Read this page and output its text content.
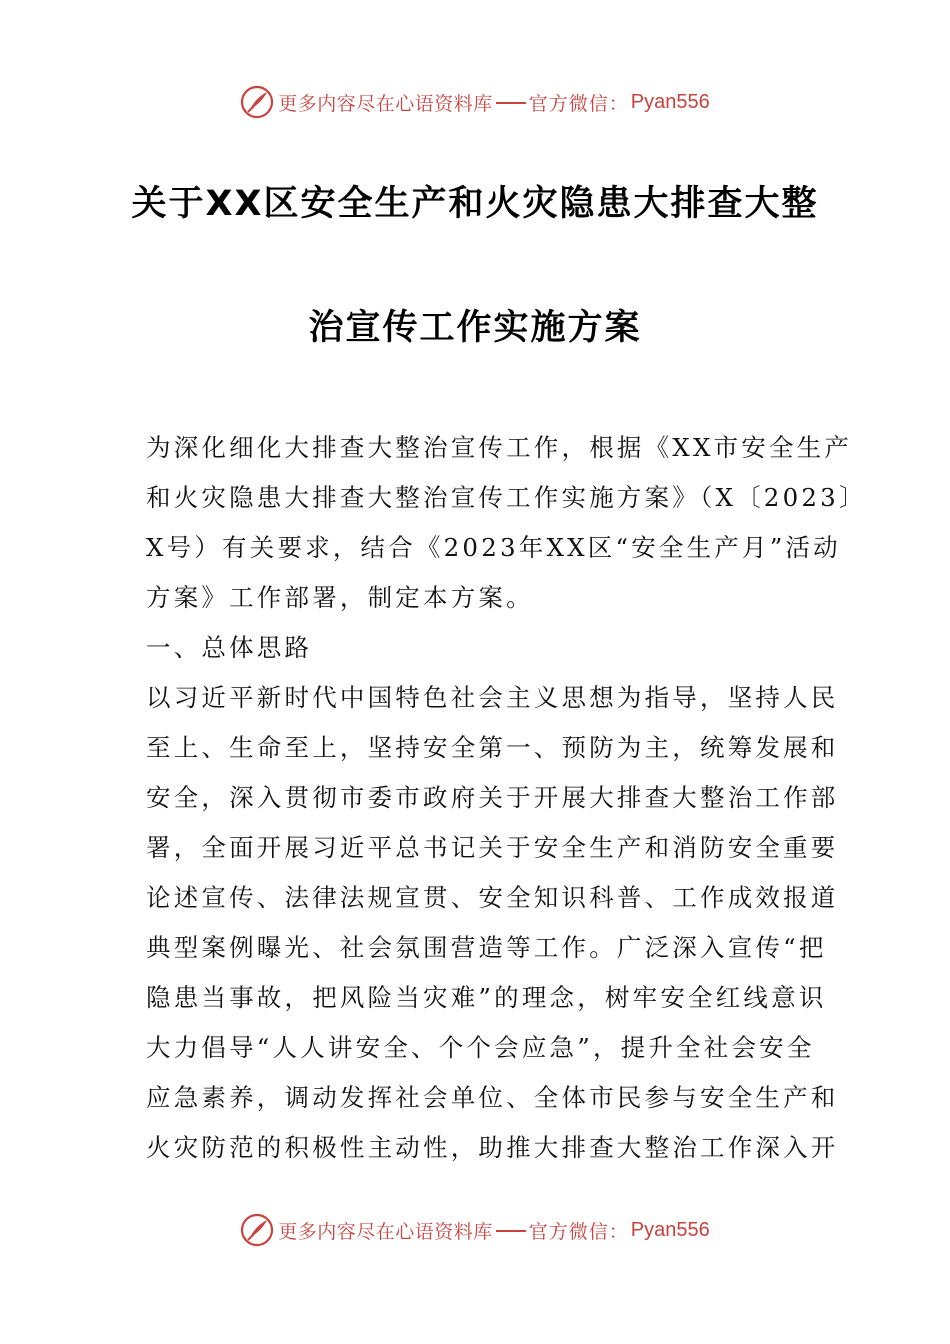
更多内容尽在心语资料库 官方微信： Pyan556
关于XX区安全生产和火灾隐患大排查大整
治宣传工作实施方案
为深化细化大排查大整治宣传工作，根据《XX市安全生产
和火灾隐患大排查大整治宣传工作实施方案》（X〔2023〕
X号）有关要求，结合《2023年XX区“安全生产月”活动
方案》工作部署，制定本方案。
一、总体思路
以习近平新时代中国特色社会主义思想为指导，坚持人民
至上、生命至上，坚持安全第一、预防为主，统筹发展和
安全，深入贯彻市委市政府关于开展大排查大整治工作部
署，全面开展习近平总书记关于安全生产和消防安全重要
论述宣传、法律法规宣贯、安全知识科普、工作成效报道
典型案例曝光、社会氛围营造等工作。广泛深入宣传“把
隐患当事故，把风险当灾难”的理念，树牢安全红线意识
大力倡导“人人讲安全、个个会应急”，提升全社会安全
应急素养，调动发挥社会单位、全体市民参与安全生产和
火灾防范的积极性主动性，助推大排查大整治工作深入开
更多内容尽在心语资料库 官方微信： Pyan556
